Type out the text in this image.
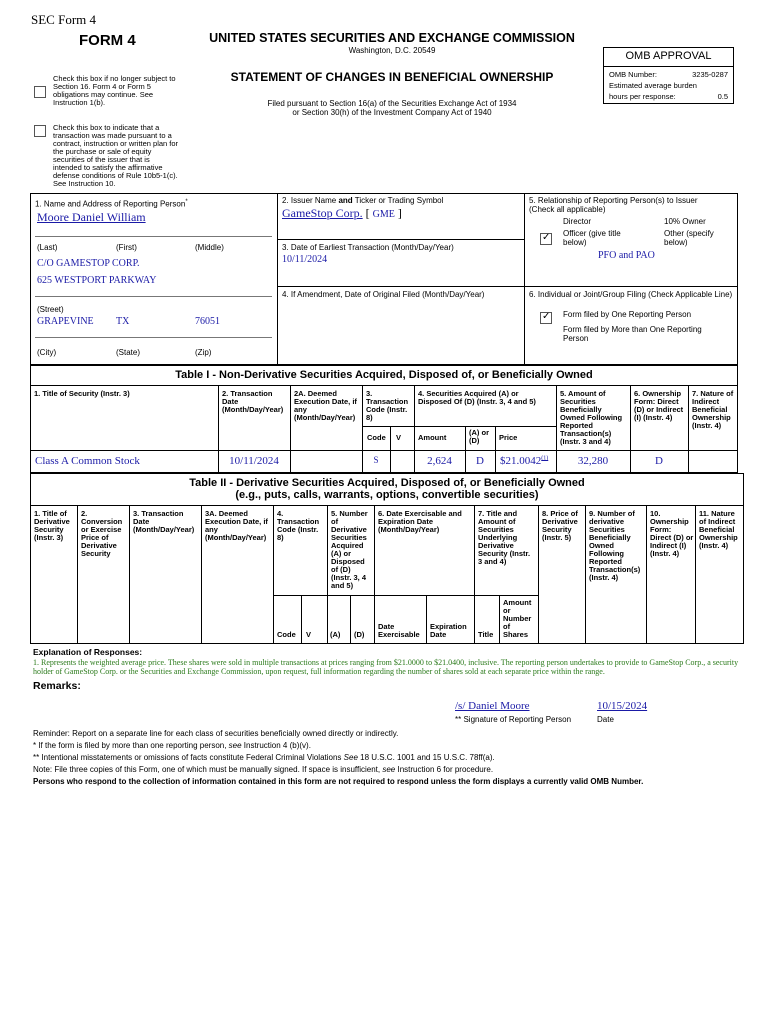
SEC Form 4
FORM 4	UNITED STATES SECURITIES AND EXCHANGE COMMISSION
Washington, D.C. 20549
STATEMENT OF CHANGES IN BENEFICIAL OWNERSHIP
Filed pursuant to Section 16(a) of the Securities Exchange Act of 1934
or Section 30(h) of the Investment Company Act of 1940
Check this box if no longer subject to Section 16. Form 4 or Form 5 obligations may continue. See Instruction 1(b).
Check this box to indicate that a transaction was made pursuant to a contract, instruction or written plan for the purchase or sale of equity securities of the issuer that is intended to satisfy the affirmative defense conditions of Rule 10b5-1(c). See Instruction 10.
OMB APPROVAL
OMB Number:	3235-0287
Estimated average burden
hours per response:	0.5
1. Name and Address of Reporting Person*
Moore Daniel William
(Last)	(First)	(Middle)
C/O GAMESTOP CORP.
625 WESTPORT PARKWAY
(Street)
GRAPEVINE TX	76051
(City)	(State)	(Zip)
2. Issuer Name and Ticker or Trading Symbol
GameStop Corp. [ GME ]
3. Date of Earliest Transaction (Month/Day/Year)
10/11/2024
4. If Amendment, Date of Original Filed (Month/Day/Year)
5. Relationship of Reporting Person(s) to Issuer
(Check all applicable)
Director	10% Owner
✓
Officer (give title below)
Other (specify below)
PFO and PAO
6. Individual or Joint/Group Filing (Check Applicable Line)
✓
Form filed by One Reporting Person
Form filed by More than One Reporting Person
Table I - Non-Derivative Securities Acquired, Disposed of, or Beneficially Owned
1. Title of Security (Instr. 3)	2. Transaction Date (Month/Day/Year)
2A. Deemed Execution Date, if any (Month/Day/Year)
3. Transaction Code (Instr. 8)
4. Securities Acquired (A) or Disposed Of (D) (Instr. 3, 4 and 5)
5. Amount of Securities Beneficially Owned Following Reported Transaction(s) (Instr. 3 and 4)
6. Ownership Form: Direct (D) or Indirect (I) (Instr. 4)
7. Nature of Indirect Beneficial Ownership (Instr. 4)
Code V Amount
(A) or (D)	Price
Class A Common Stock	10/11/2024	S	2,624	D	$21.0042$^{(1)}$	32,280	D
Table II - Derivative Securities Acquired, Disposed of, or Beneficially Owned
(e.g., puts, calls, warrants, options, convertible securities)
1. Title of Derivative Security (Instr. 3)
2. Conversion or Exercise Price of Derivative Security
3. Transaction Date (Month/Day/Year)
3A. Deemed Execution Date, if any (Month/Day/Year)
4. Transaction Code (Instr. 8)
5. Number of Derivative Securities Acquired (A) or Disposed of (D) (Instr. 3, 4 and 5)
6. Date Exercisable and Expiration Date (Month/Day/Year)
7. Title and Amount of Securities Underlying Derivative Security (Instr. 3 and 4)
8. Price of Derivative Security (Instr. 5)
9. Number of derivative Securities Beneficially Owned Following Reported Transaction(s) (Instr. 4)
10. Ownership Form: Direct (D) or Indirect (I) (Instr. 4)
11. Nature of Indirect Beneficial Ownership (Instr. 4)
Code V	(A) (D)
Date Exercisable
Expiration Date	Title
Amount or Number of Shares
Explanation of Responses:
1. Represents the weighted average price. These shares were sold in multiple transactions at prices ranging from $21.0000 to $21.0400, inclusive. The reporting person undertakes to provide to GameStop Corp., a security holder of GameStop Corp. or the Securities and Exchange Commission, upon request, full information regarding the number of shares sold at each separate price within the range.
Remarks:
/s/ Daniel Moore	10/15/2024
** Signature of Reporting Person	Date
Reminder: Report on a separate line for each class of securities beneficially owned directly or indirectly.
* If the form is filed by more than one reporting person, see Instruction 4 (b)(v).
** Intentional misstatements or omissions of facts constitute Federal Criminal Violations See 18 U.S.C. 1001 and 15 U.S.C. 78ff(a).
Note: File three copies of this Form, one of which must be manually signed. If space is insufficient, see Instruction 6 for procedure.
Persons who respond to the collection of information contained in this form are not required to respond unless the form displays a currently valid OMB Number.
